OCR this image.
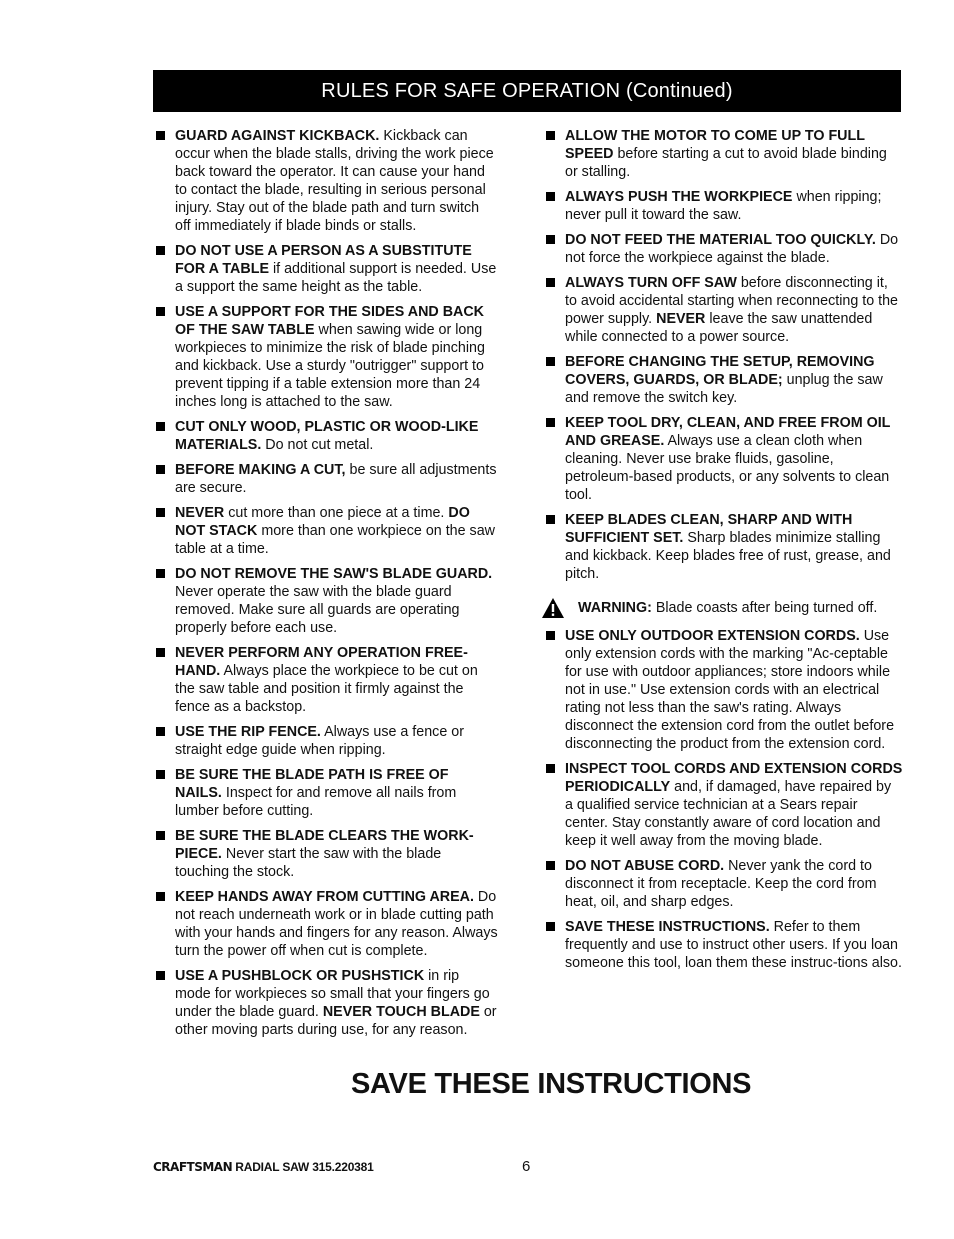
RULES FOR SAFE OPERATION (Continued)
GUARD AGAINST KICKBACK. Kickback can occur when the blade stalls, driving the work piece back toward the operator. It can cause your hand to contact the blade, resulting in serious personal injury. Stay out of the blade path and turn switch off immediately if blade binds or stalls.
DO NOT USE A PERSON AS A SUBSTITUTE FOR A TABLE if additional support is needed. Use a support the same height as the table.
USE A SUPPORT FOR THE SIDES AND BACK OF THE SAW TABLE when sawing wide or long workpieces to minimize the risk of blade pinching and kickback. Use a sturdy "outrigger" support to prevent tipping if a table extension more than 24 inches long is attached to the saw.
CUT ONLY WOOD, PLASTIC OR WOOD-LIKE MATERIALS. Do not cut metal.
BEFORE MAKING A CUT, be sure all adjustments are secure.
NEVER cut more than one piece at a time. DO NOT STACK more than one workpiece on the saw table at a time.
DO NOT REMOVE THE SAW'S BLADE GUARD. Never operate the saw with the blade guard removed. Make sure all guards are operating properly before each use.
NEVER PERFORM ANY OPERATION FREE-HAND. Always place the workpiece to be cut on the saw table and position it firmly against the fence as a backstop.
USE THE RIP FENCE. Always use a fence or straight edge guide when ripping.
BE SURE THE BLADE PATH IS FREE OF NAILS. Inspect for and remove all nails from lumber before cutting.
BE SURE THE BLADE CLEARS THE WORK-PIECE. Never start the saw with the blade touching the stock.
KEEP HANDS AWAY FROM CUTTING AREA. Do not reach underneath work or in blade cutting path with your hands and fingers for any reason. Always turn the power off when cut is complete.
USE A PUSHBLOCK OR PUSHSTICK in rip mode for workpieces so small that your fingers go under the blade guard. NEVER TOUCH BLADE or other moving parts during use, for any reason.
ALLOW THE MOTOR TO COME UP TO FULL SPEED before starting a cut to avoid blade binding or stalling.
ALWAYS PUSH THE WORKPIECE when ripping; never pull it toward the saw.
DO NOT FEED THE MATERIAL TOO QUICKLY. Do not force the workpiece against the blade.
ALWAYS TURN OFF SAW before disconnecting it, to avoid accidental starting when reconnecting to the power supply. NEVER leave the saw unattended while connected to a power source.
BEFORE CHANGING THE SETUP, REMOVING COVERS, GUARDS, OR BLADE; unplug the saw and remove the switch key.
KEEP TOOL DRY, CLEAN, AND FREE FROM OIL AND GREASE. Always use a clean cloth when cleaning. Never use brake fluids, gasoline, petroleum-based products, or any solvents to clean tool.
KEEP BLADES CLEAN, SHARP AND WITH SUFFICIENT SET. Sharp blades minimize stalling and kickback. Keep blades free of rust, grease, and pitch.
WARNING: Blade coasts after being turned off.
USE ONLY OUTDOOR EXTENSION CORDS. Use only extension cords with the marking "Ac-ceptable for use with outdoor appliances; store indoors while not in use." Use extension cords with an electrical rating not less than the saw's rating. Always disconnect the extension cord from the outlet before disconnecting the product from the extension cord.
INSPECT TOOL CORDS AND EXTENSION CORDS PERIODICALLY and, if damaged, have repaired by a qualified service technician at a Sears repair center. Stay constantly aware of cord location and keep it well away from the moving blade.
DO NOT ABUSE CORD. Never yank the cord to disconnect it from receptacle. Keep the cord from heat, oil, and sharp edges.
SAVE THESE INSTRUCTIONS. Refer to them frequently and use to instruct other users. If you loan someone this tool, loan them these instruc-tions also.
SAVE THESE INSTRUCTIONS
CRAFTSMAN RADIAL SAW 315.220381	6
